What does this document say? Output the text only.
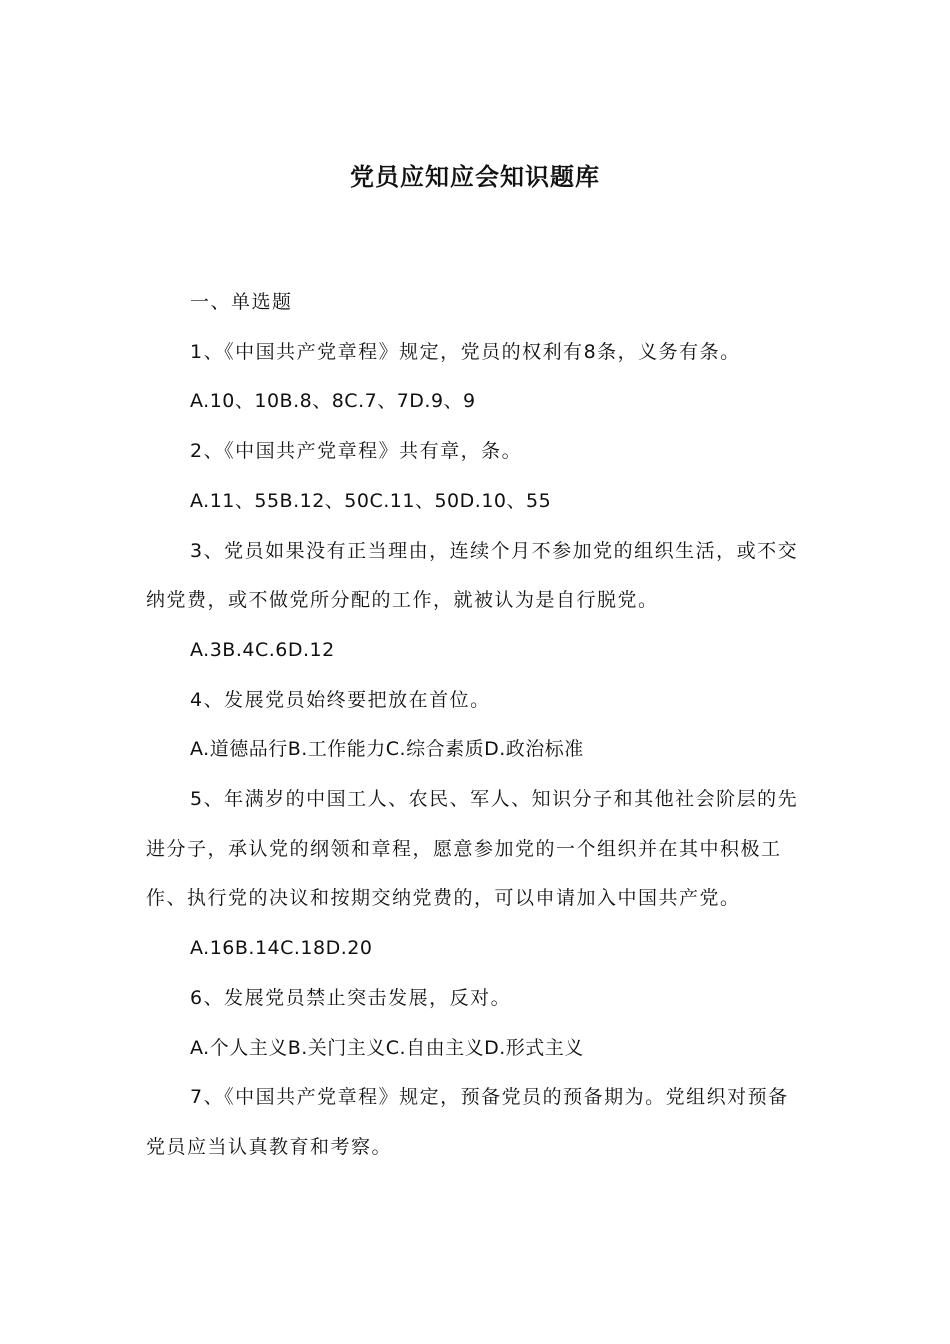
党员应知应会知识题库

一、单选题

1、《中国共产党章程》规定，党员的权利有8条，义务有条。

A.10、10B.8、8C.7、7D.9、9

2、《中国共产党章程》共有章，条。

A.11、55B.12、50C.11、50D.10、55

3、党员如果没有正当理由，连续个月不参加党的组织生活，或不交纳党费，或不做党所分配的工作，就被认为是自行脱党。

A.3B.4C.6D.12

4、发展党员始终要把放在首位。

A.道德品行B.工作能力C.综合素质D.政治标准

5、年满岁的中国工人、农民、军人、知识分子和其他社会阶层的先进分子，承认党的纲领和章程，愿意参加党的一个组织并在其中积极工作、执行党的决议和按期交纳党费的，可以申请加入中国共产党。

A.16B.14C.18D.20

6、发展党员禁止突击发展，反对。

A.个人主义B.关门主义C.自由主义D.形式主义

7、《中国共产党章程》规定，预备党员的预备期为。党组织对预备党员应当认真教育和考察。
